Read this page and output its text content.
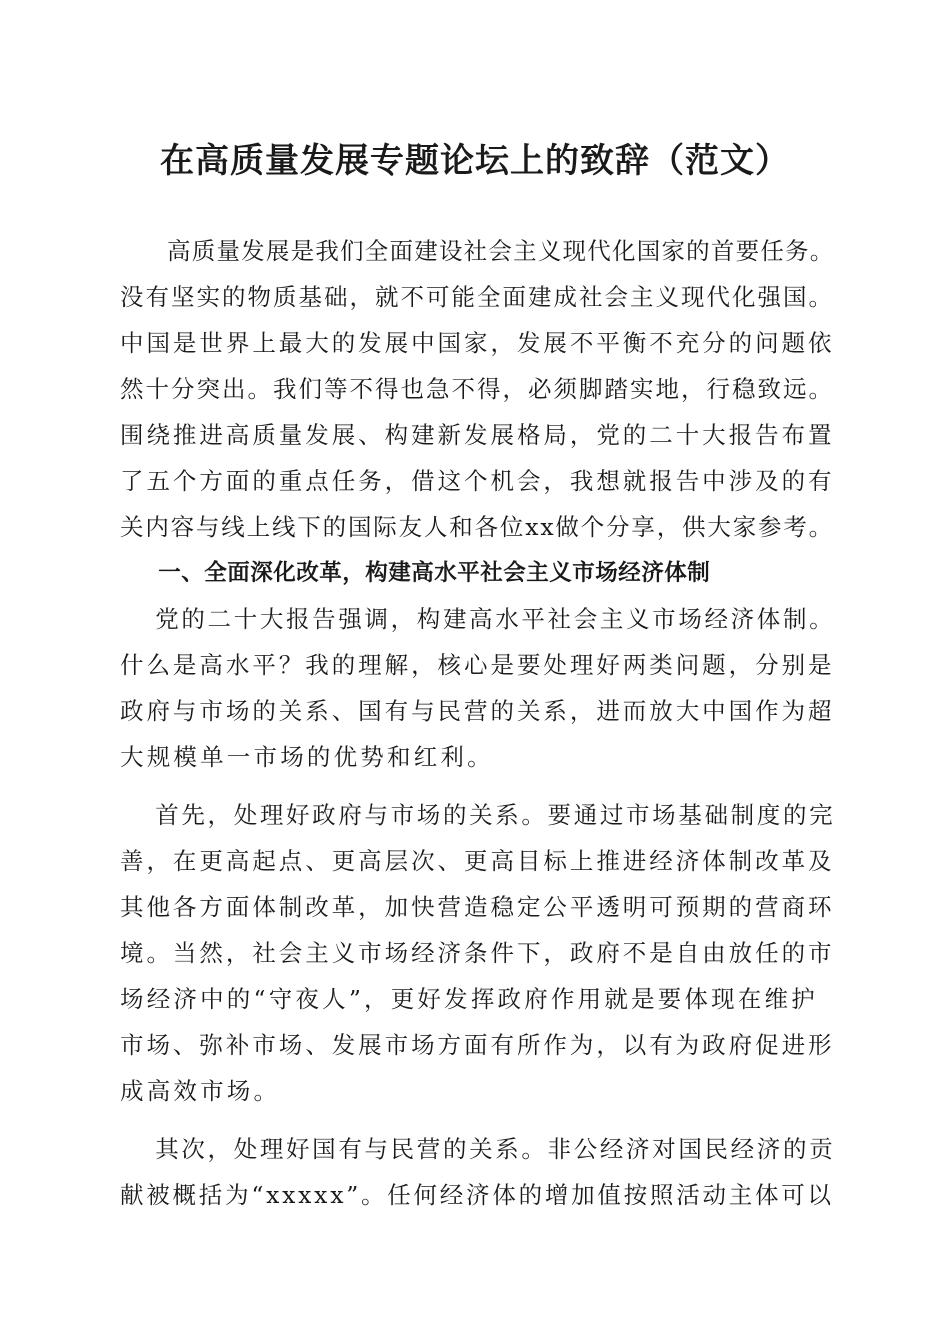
在高质量发展专题论坛上的致辞（范文）

高质量发展是我们全面建设社会主义现代化国家的首要任务。
没有坚实的物质基础，就不可能全面建成社会主义现代化强国。
中国是世界上最大的发展中国家，发展不平衡不充分的问题依
然十分突出。我们等不得也急不得，必须脚踏实地，行稳致远。
围绕推进高质量发展、构建新发展格局，党的二十大报告布置
了五个方面的重点任务，借这个机会，我想就报告中涉及的有
关内容与线上线下的国际友人和各位xx做个分享，供大家参考。

一、全面深化改革，构建高水平社会主义市场经济体制

党的二十大报告强调，构建高水平社会主义市场经济体制。
什么是高水平？我的理解，核心是要处理好两类问题，分别是
政府与市场的关系、国有与民营的关系，进而放大中国作为超
大规模单一市场的优势和红利。

首先，处理好政府与市场的关系。要通过市场基础制度的完
善，在更高起点、更高层次、更高目标上推进经济体制改革及
其他各方面体制改革，加快营造稳定公平透明可预期的营商环
境。当然，社会主义市场经济条件下，政府不是自由放任的市
场经济中的“守夜人”，更好发挥政府作用就是要体现在维护
市场、弥补市场、发展市场方面有所作为，以有为政府促进形
成高效市场。

其次，处理好国有与民营的关系。非公经济对国民经济的贡
献被概括为“xxxxx”。任何经济体的增加值按照活动主体可以
